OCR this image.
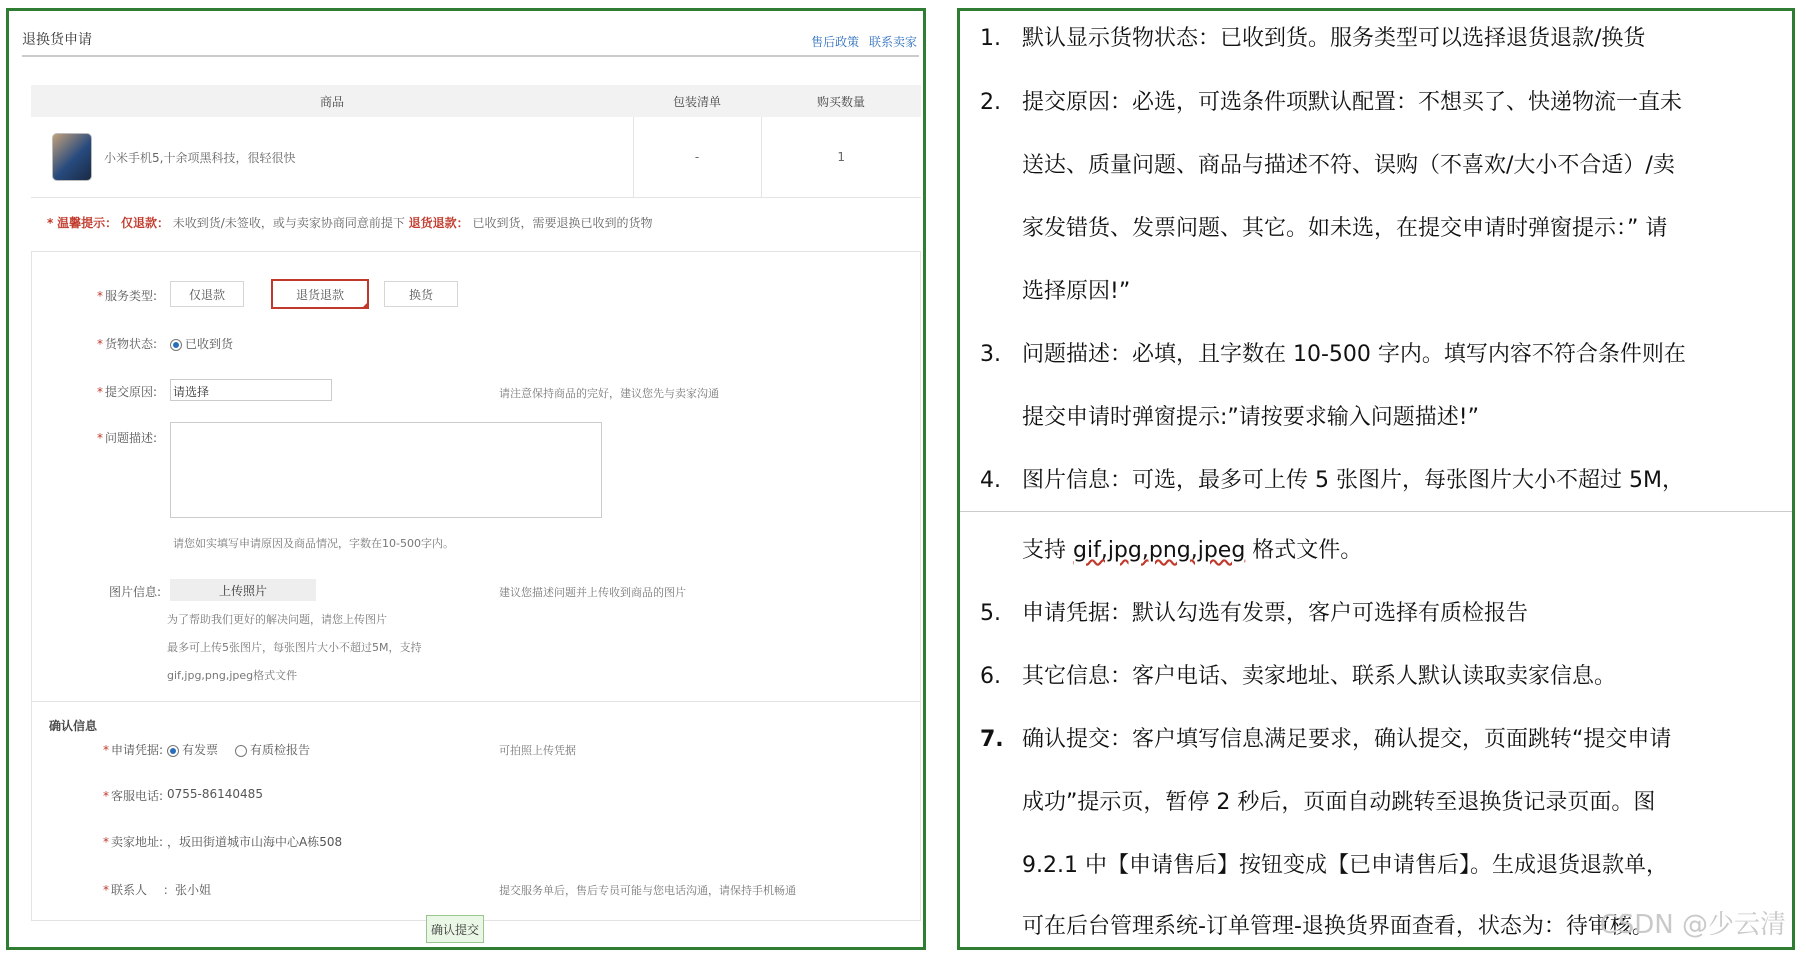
退换货申请	售后政策 联系卖家
商品	包装清单	购买数量

小米手机5,十余项黑科技，很轻很快	-	1
* 温馨提示： 仅退款： 未收到货/未签收，或与卖家协商同意前提下 退货退款： 已收到货，需要退换已收到的货物
* 服务类型:	仅退款	退货退款	换货
* 货物状态:	已收到货
* 提交原因: 请选择	请注意保持商品的完好，建议您先与卖家沟通
* 问题描述:
请您如实填写申请原因及商品情况，字数在10-500字内。
图片信息:	上传照片	建议您描述问题并上传收到商品的图片
为了帮助我们更好的解决问题，请您上传图片
最多可上传5张图片，每张图片大小不超过5M，支持
gif,jpg,png,jpeg格式文件
确认信息
* 申请凭据:	有发票	有质检报告	可拍照上传凭据
* 客服电话: 0755-86140485
* 卖家地址: ，坂田街道城市山海中心A栋508
* 联系人 ：张小姐	提交服务单后，售后专员可能与您电话沟通，请保持手机畅通
确认提交
1. 默认显示货物状态：已收到货。服务类型可以选择退货退款/换货
2. 提交原因：必选，可选条件项默认配置：不想买了、快递物流一直未
送达、质量问题、商品与描述不符、误购（不喜欢/大小不合适）/卖
家发错货、发票问题、其它。如未选，在提交申请时弹窗提示：” 请
选择原因!”
3. 问题描述：必填，且字数在 10-500 字内。填写内容不符合条件则在
提交申请时弹窗提示:”请按要求输入问题描述!”
4. 图片信息：可选，最多可上传 5 张图片，每张图片大小不超过 5M，
支持 gif,jpg,png,jpeg 格式文件。
5. 申请凭据：默认勾选有发票，客户可选择有质检报告
6. 其它信息：客户电话、卖家地址、联系人默认读取卖家信息。
7. 确认提交：客户填写信息满足要求，确认提交，页面跳转“提交申请
成功”提示页，暂停 2 秒后，页面自动跳转至退换货记录页面。图
9.2.1 中【申请售后】按钮变成【已申请售后】。生成退货退款单，
可在后台管理系统-订单管理-退换货界面查看，状态为：待审核。
CSDN @少云清
